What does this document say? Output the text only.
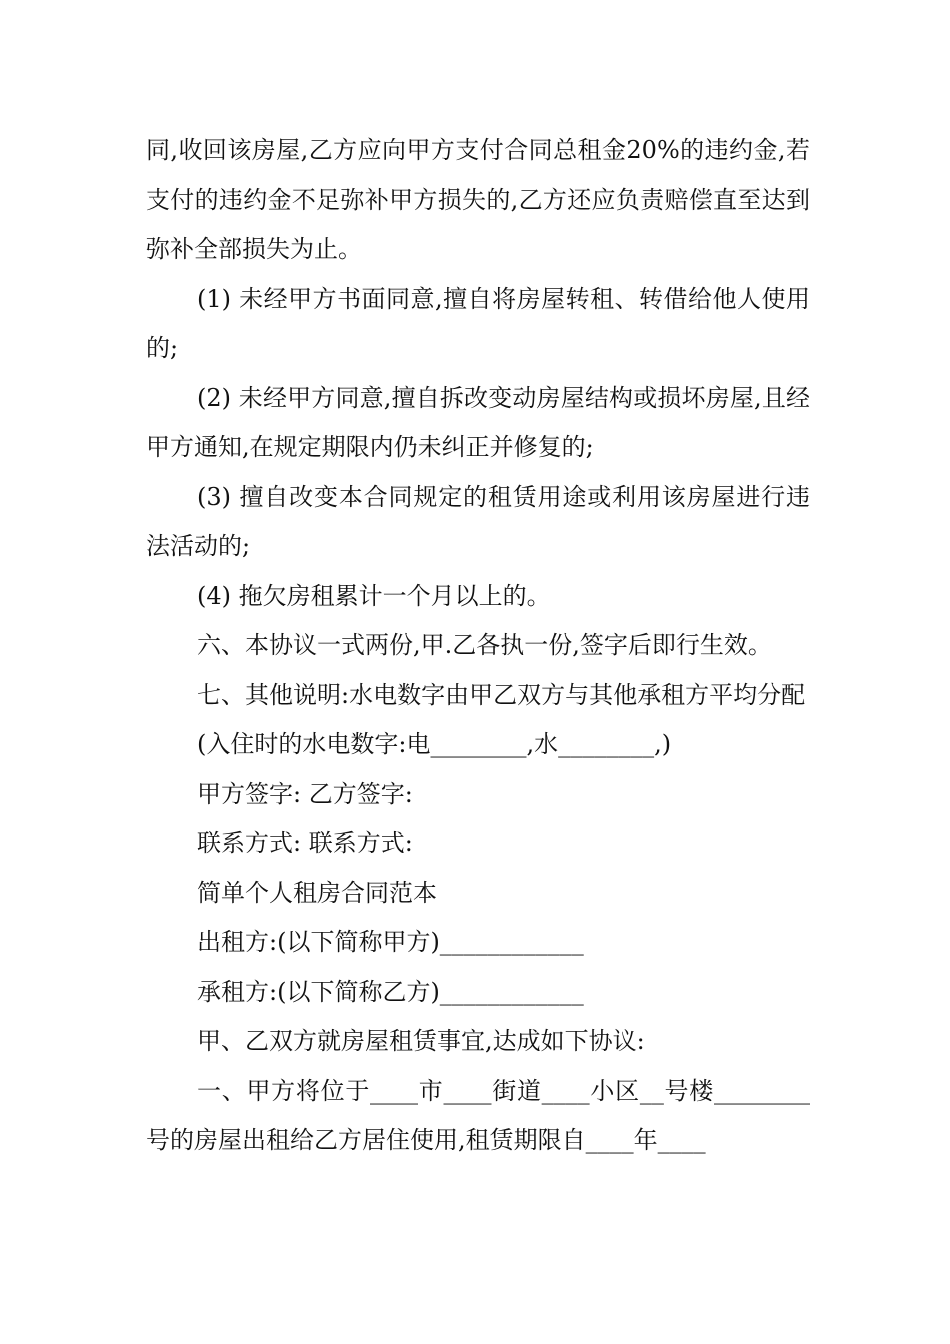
同,收回该房屋,乙方应向甲方支付合同总租金20%的违约金,若支付的违约金不足弥补甲方损失的,乙方还应负责赔偿直至达到弥补全部损失为止。

(1) 未经甲方书面同意,擅自将房屋转租、转借给他人使用的;

(2) 未经甲方同意,擅自拆改变动房屋结构或损坏房屋,且经甲方通知,在规定期限内仍未纠正并修复的;

(3) 擅自改变本合同规定的租赁用途或利用该房屋进行违法活动的;

(4) 拖欠房租累计一个月以上的。

六、本协议一式两份,甲.乙各执一份,签字后即行生效。

七、其他说明:水电数字由甲乙双方与其他承租方平均分配

(入住时的水电数字:电________,水________,)

甲方签字: 乙方签字:

联系方式: 联系方式:

简单个人租房合同范本

出租方:(以下简称甲方)____________

承租方:(以下简称乙方)____________

甲、乙双方就房屋租赁事宜,达成如下协议:

一、甲方将位于____市____街道____小区__号楼________号的房屋出租给乙方居住使用,租赁期限自____年____
